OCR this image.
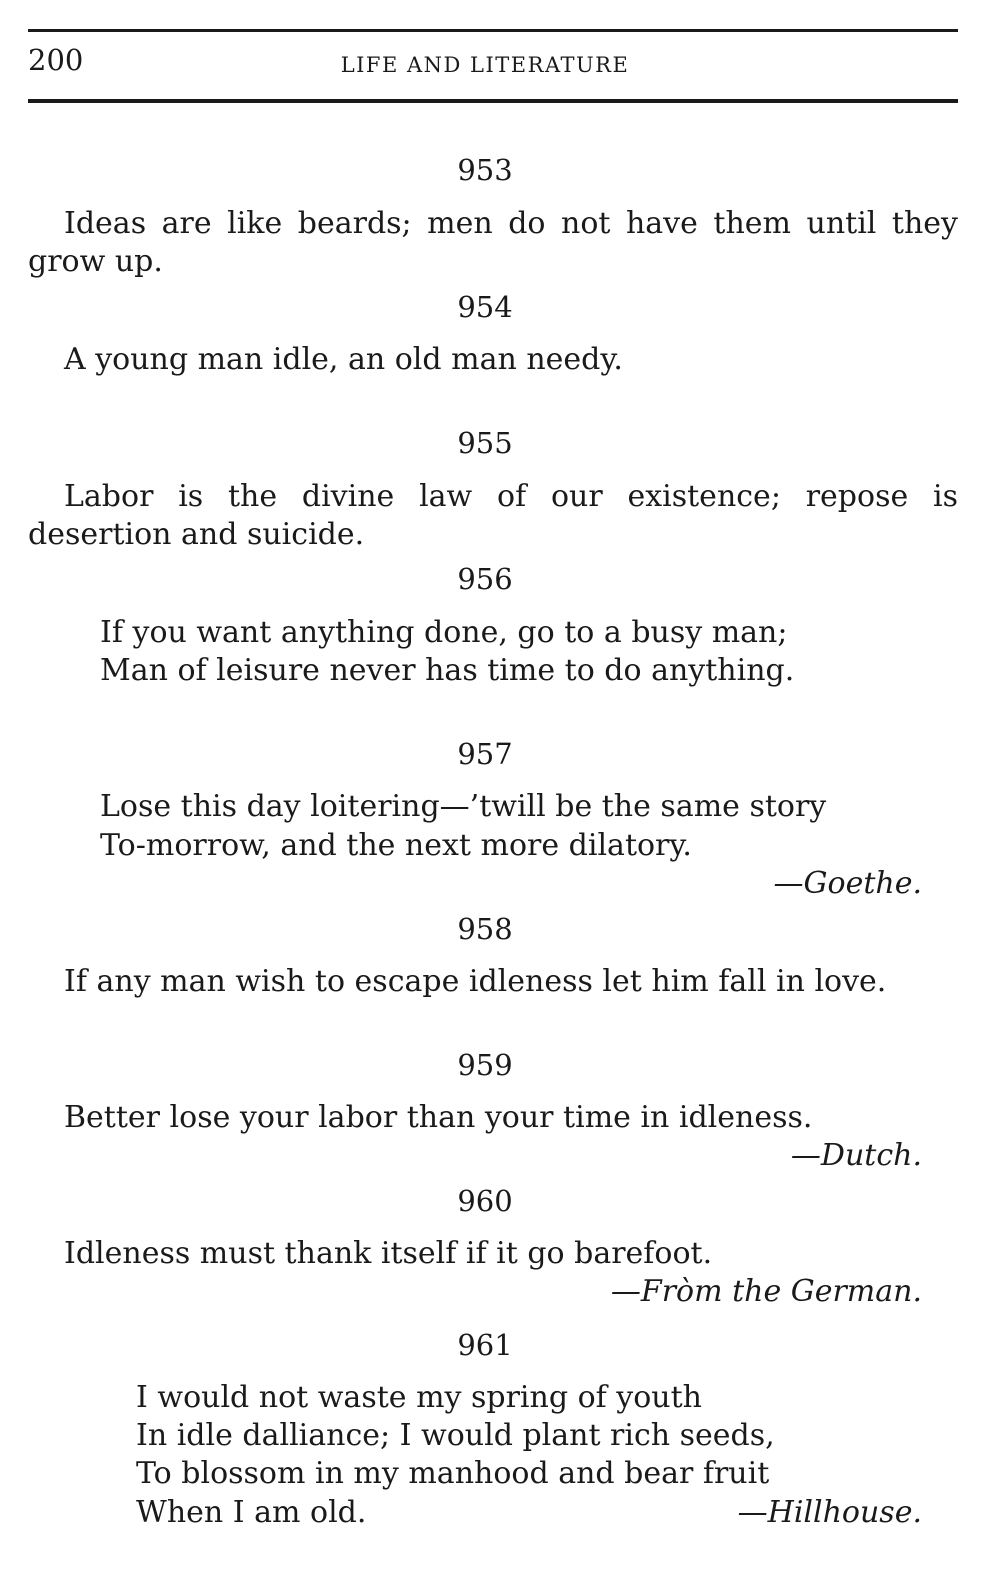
200	LIFE AND LITERATURE
953
Ideas are like beards; men do not have them until they grow up.
954
A young man idle, an old man needy.
955
Labor is the divine law of our existence; repose is desertion and suicide.
956
If you want anything done, go to a busy man;
Man of leisure never has time to do anything.
957
Lose this day loitering—’twill be the same story
To-morrow, and the next more dilatory.
—Goethe.
958
If any man wish to escape idleness let him fall in love.
959
Better lose your labor than your time in idleness.
—Dutch.
960
Idleness must thank itself if it go barefoot.
—Fròm the German.
961
I would not waste my spring of youth
In idle dalliance; I would plant rich seeds,
To blossom in my manhood and bear fruit
When I am old.	—Hillhouse.
